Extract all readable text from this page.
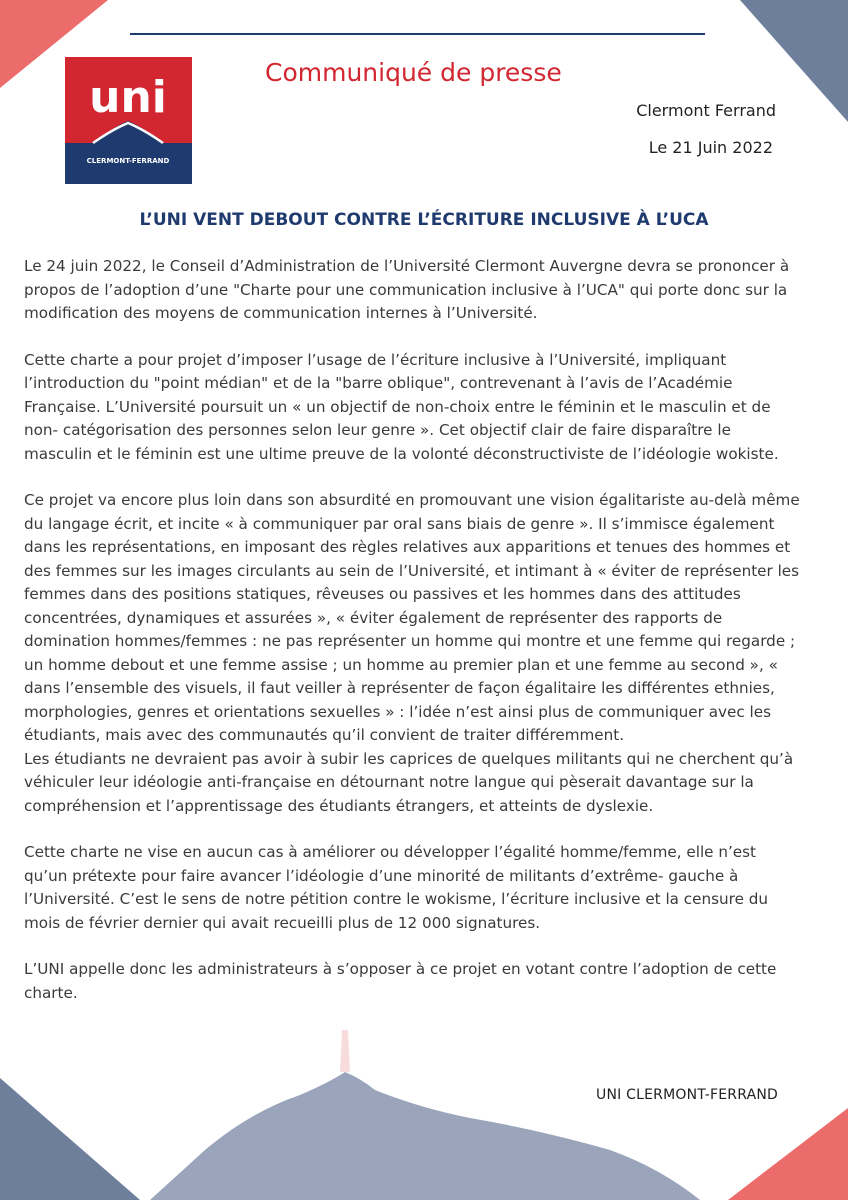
uni
CLERMONT-FERRAND
Communiqué de presse
Clermont Ferrand
Le 21 Juin 2022
L’UNI VENT DEBOUT CONTRE L’ÉCRITURE INCLUSIVE À L’UCA

Le 24 juin 2022, le Conseil d’Administration de l’Université Clermont Auvergne devra se prononcer à propos de l’adoption d’une "Charte pour une communication inclusive à l’UCA" qui porte donc sur la modification des moyens de communication internes à l’Université.

Cette charte a pour projet d’imposer l’usage de l’écriture inclusive à l’Université, impliquant l’introduction du "point médian" et de la "barre oblique", contrevenant à l’avis de l’Académie Française. L’Université poursuit un « un objectif de non-choix entre le féminin et le masculin et de non- catégorisation des personnes selon leur genre ». Cet objectif clair de faire disparaître le masculin et le féminin est une ultime preuve de la volonté déconstructiviste de l’idéologie wokiste.

Ce projet va encore plus loin dans son absurdité en promouvant une vision égalitariste au-delà même du langage écrit, et incite « à communiquer par oral sans biais de genre ». Il s’immisce également dans les représentations, en imposant des règles relatives aux apparitions et tenues des hommes et des femmes sur les images circulants au sein de l’Université, et intimant à « éviter de représenter les femmes dans des positions statiques, rêveuses ou passives et les hommes dans des attitudes concentrées, dynamiques et assurées », « éviter également de représenter des rapports de domination hommes/femmes : ne pas représenter un homme qui montre et une femme qui regarde ; un homme debout et une femme assise ; un homme au premier plan et une femme au second », « dans l’ensemble des visuels, il faut veiller à représenter de façon égalitaire les différentes ethnies, morphologies, genres et orientations sexuelles » : l’idée n’est ainsi plus de communiquer avec les étudiants, mais avec des communautés qu’il convient de traiter différemment.

Les étudiants ne devraient pas avoir à subir les caprices de quelques militants qui ne cherchent qu’à véhiculer leur idéologie anti-française en détournant notre langue qui pèserait davantage sur la compréhension et l’apprentissage des étudiants étrangers, et atteints de dyslexie.

Cette charte ne vise en aucun cas à améliorer ou développer l’égalité homme/femme, elle n’est qu’un prétexte pour faire avancer l’idéologie d’une minorité de militants d’extrême- gauche à l’Université. C’est le sens de notre pétition contre le wokisme, l’écriture inclusive et la censure du mois de février dernier qui avait recueilli plus de 12 000 signatures.

L’UNI appelle donc les administrateurs à s’opposer à ce projet en votant contre l’adoption de cette charte.

UNI CLERMONT-FERRAND
